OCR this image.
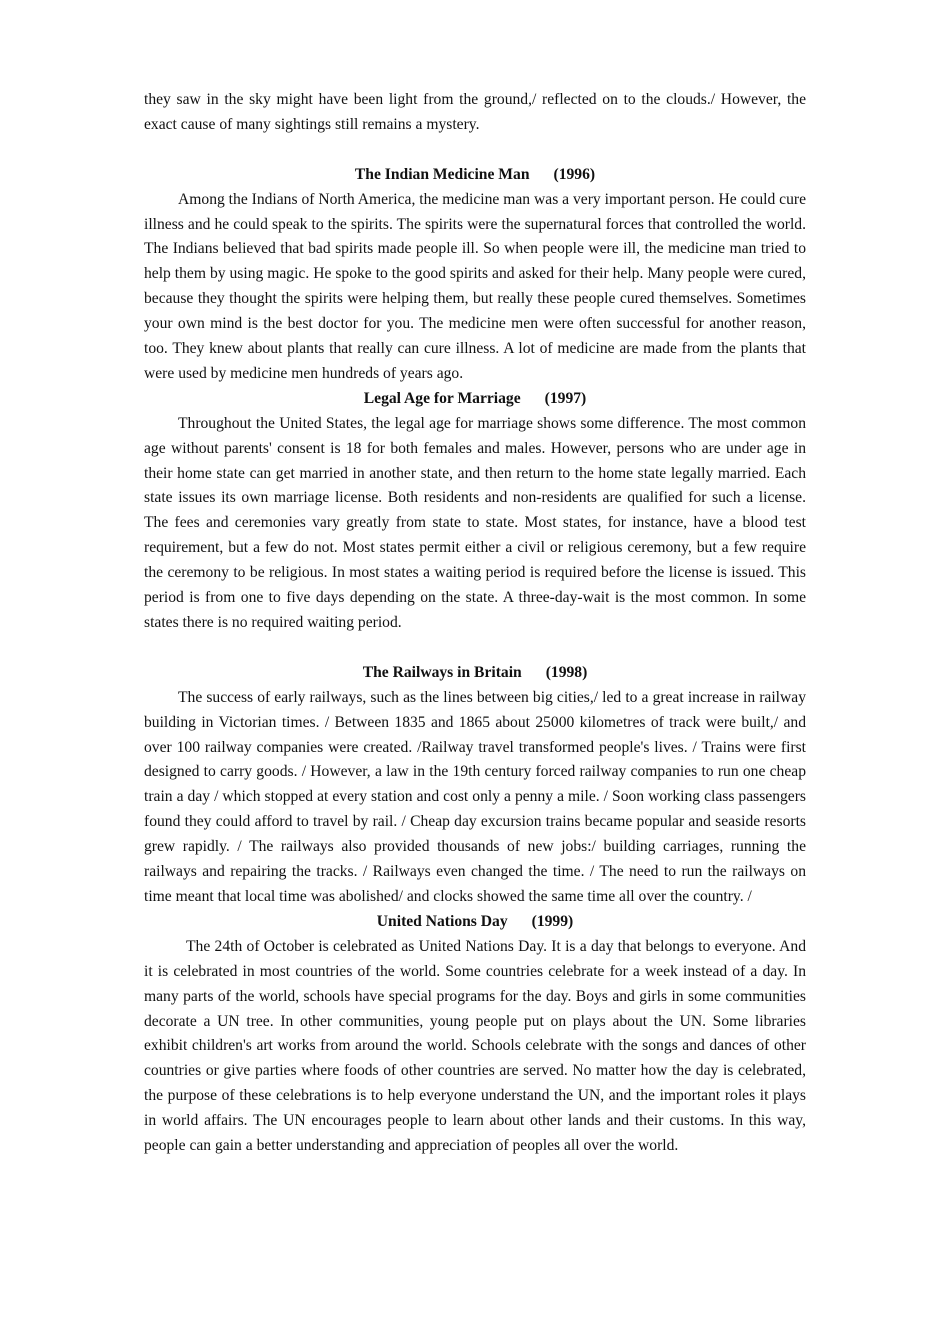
they saw in the sky might have been light from the ground,/ reflected on to the clouds./ However, the exact cause of many sightings still remains a mystery.

The Indian Medicine Man (1996)

Among the Indians of North America, the medicine man was a very important person. He could cure illness and he could speak to the spirits. The spirits were the supernatural forces that controlled the world. The Indians believed that bad spirits made people ill. So when people were ill, the medicine man tried to help them by using magic. He spoke to the good spirits and asked for their help. Many people were cured, because they thought the spirits were helping them, but really these people cured themselves. Sometimes your own mind is the best doctor for you. The medicine men were often successful for another reason, too. They knew about plants that really can cure illness. A lot of medicine are made from the plants that were used by medicine men hundreds of years ago.

Legal Age for Marriage (1997)

Throughout the United States, the legal age for marriage shows some difference. The most common age without parents' consent is 18 for both females and males. However, persons who are under age in their home state can get married in another state, and then return to the home state legally married. Each state issues its own marriage license. Both residents and non-residents are qualified for such a license. The fees and ceremonies vary greatly from state to state. Most states, for instance, have a blood test requirement, but a few do not. Most states permit either a civil or religious ceremony, but a few require the ceremony to be religious. In most states a waiting period is required before the license is issued. This period is from one to five days depending on the state. A three-day-wait is the most common. In some states there is no required waiting period.

The Railways in Britain (1998)

The success of early railways, such as the lines between big cities,/ led to a great increase in railway building in Victorian times. / Between 1835 and 1865 about 25000 kilometres of track were built,/ and over 100 railway companies were created. /Railway travel transformed people's lives. / Trains were first designed to carry goods. / However, a law in the 19th century forced railway companies to run one cheap train a day / which stopped at every station and cost only a penny a mile. / Soon working class passengers found they could afford to travel by rail. / Cheap day excursion trains became popular and seaside resorts grew rapidly. / The railways also provided thousands of new jobs:/ building carriages, running the railways and repairing the tracks. / Railways even changed the time. / The need to run the railways on time meant that local time was abolished/ and clocks showed the same time all over the country. /

United Nations Day (1999)

The 24th of October is celebrated as United Nations Day. It is a day that belongs to everyone. And it is celebrated in most countries of the world. Some countries celebrate for a week instead of a day. In many parts of the world, schools have special programs for the day. Boys and girls in some communities decorate a UN tree. In other communities, young people put on plays about the UN. Some libraries exhibit children's art works from around the world. Schools celebrate with the songs and dances of other countries or give parties where foods of other countries are served. No matter how the day is celebrated, the purpose of these celebrations is to help everyone understand the UN, and the important roles it plays in world affairs. The UN encourages people to learn about other lands and their customs. In this way, people can gain a better understanding and appreciation of peoples all over the world.
